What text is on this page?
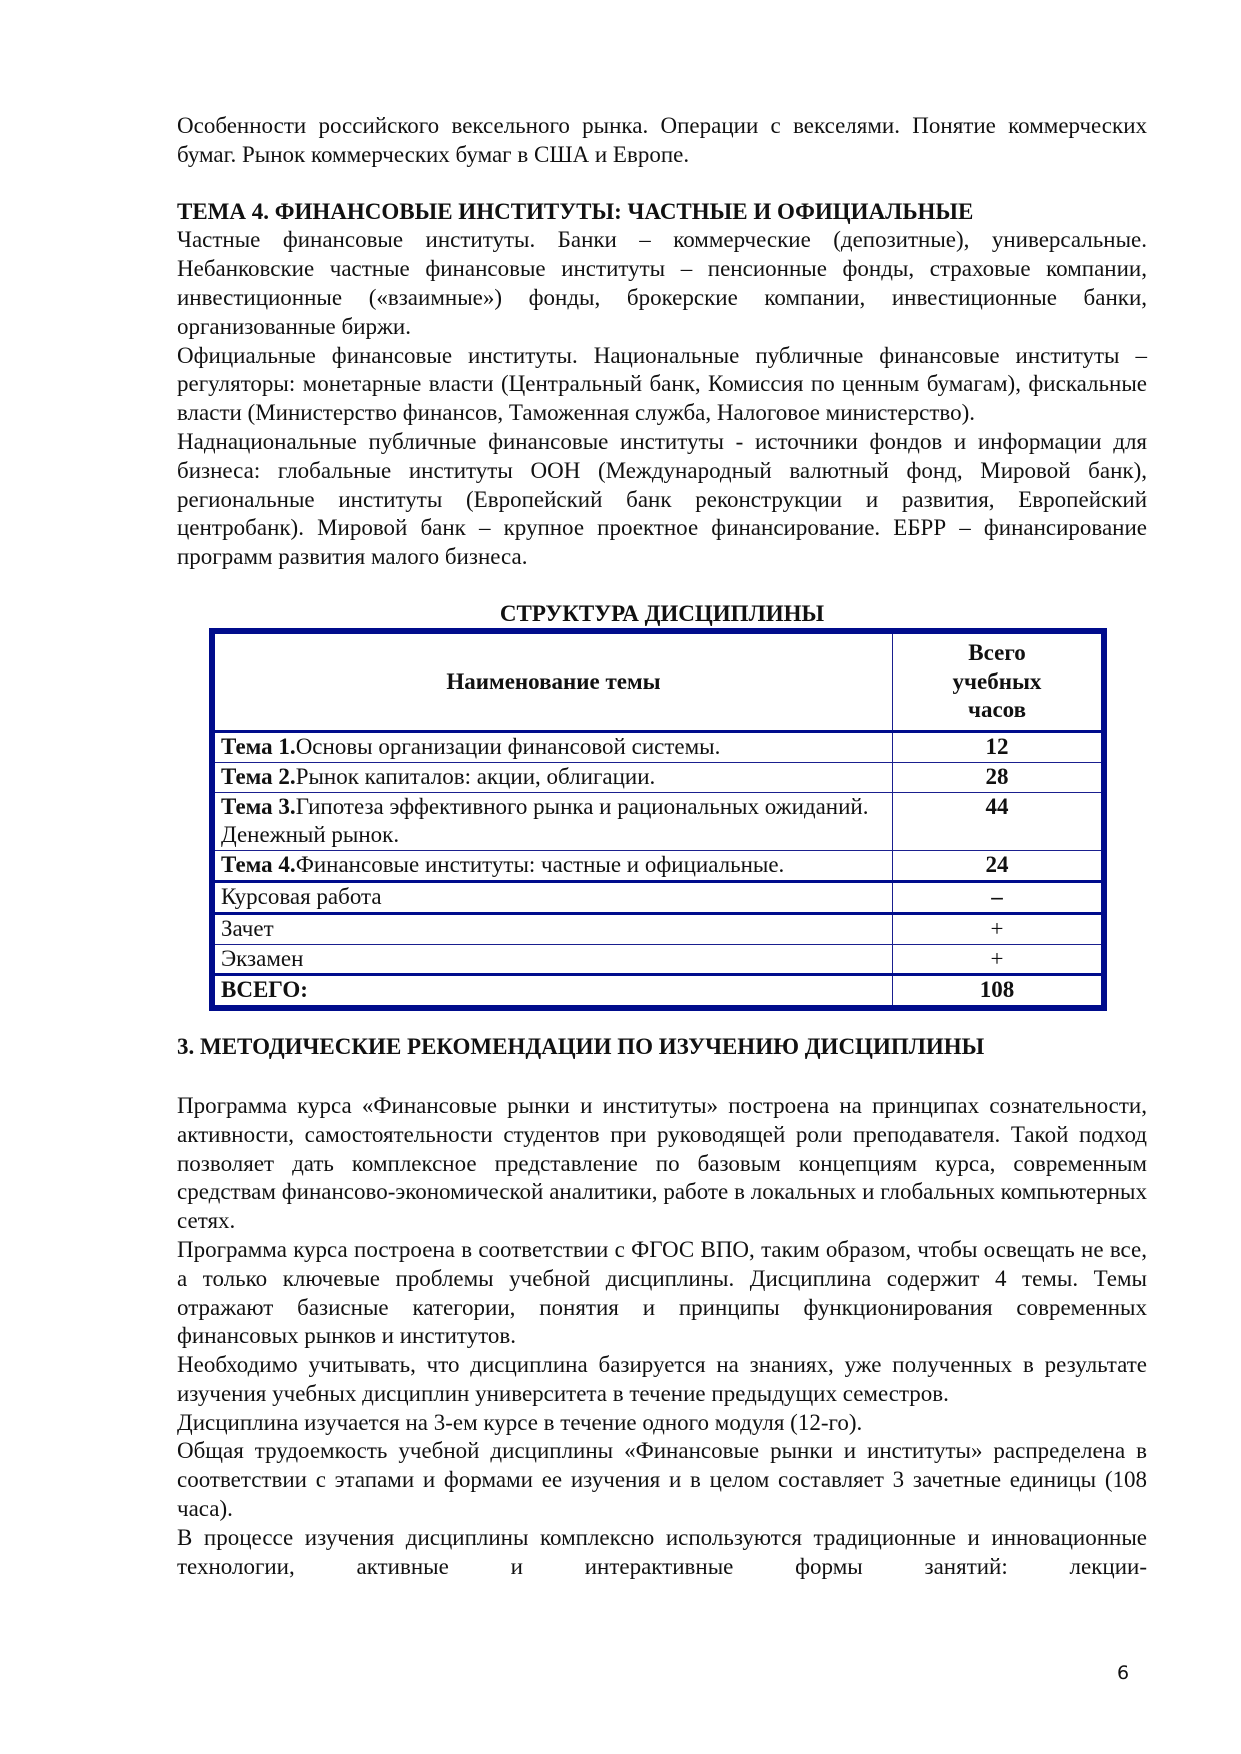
Особенности российского вексельного рынка. Операции с векселями. Понятие коммерческих бумаг. Рынок коммерческих бумаг в США и Европе.

ТЕМА 4. ФИНАНСОВЫЕ ИНСТИТУТЫ: ЧАСТНЫЕ И ОФИЦИАЛЬНЫЕ

Частные финансовые институты. Банки – коммерческие (депозитные), универсальные. Небанковские частные финансовые институты – пенсионные фонды, страховые компании, инвестиционные («взаимные») фонды, брокерские компании, инвестиционные банки, организованные биржи.

Официальные финансовые институты. Национальные публичные финансовые институты – регуляторы: монетарные власти (Центральный банк, Комиссия по ценным бумагам), фискальные власти (Министерство финансов, Таможенная служба, Налоговое министерство).

Наднациональные публичные финансовые институты - источники фондов и информации для бизнеса: глобальные институты ООН (Международный валютный фонд, Мировой банк), региональные институты (Европейский банк реконструкции и развития, Европейский центробанк). Мировой банк – крупное проектное финансирование. ЕБРР – финансирование программ развития малого бизнеса.

СТРУКТУРА ДИСЦИПЛИНЫ
Наименование темы	Всего
учебных
часов

Тема 1.Основы организации финансовой системы.	12
Тема 2.Рынок капиталов: акции, облигации.	28
Тема 3.Гипотеза эффективного рынка и рациональных ожиданий. Денежный рынок.	44
Тема 4.Финансовые институты: частные и официальные.	24
Курсовая работа	–
Зачет	+
Экзамен	+
ВСЕГО:	108
3. МЕТОДИЧЕСКИЕ РЕКОМЕНДАЦИИ ПО ИЗУЧЕНИЮ ДИСЦИПЛИНЫ

Программа курса «Финансовые рынки и институты» построена на принципах сознательности, активности, самостоятельности студентов при руководящей роли преподавателя. Такой подход позволяет дать комплексное представление по базовым концепциям курса, современным средствам финансово-экономической аналитики, работе в локальных и глобальных компьютерных сетях.

Программа курса построена в соответствии с ФГОС ВПО, таким образом, чтобы освещать не все, а только ключевые проблемы учебной дисциплины. Дисциплина содержит 4 темы. Темы отражают базисные категории, понятия и принципы функционирования современных финансовых рынков и институтов.

Необходимо учитывать, что дисциплина базируется на знаниях, уже полученных в результате изучения учебных дисциплин университета в течение предыдущих семестров.

Дисциплина изучается на 3-ем курсе в течение одного модуля (12-го).

Общая трудоемкость учебной дисциплины «Финансовые рынки и институты» распределена в соответствии с этапами и формами ее изучения и в целом составляет 3 зачетные единицы (108 часа).

В процессе изучения дисциплины комплексно используются традиционные и инновационные технологии, активные и интерактивные формы занятий: лекции-

6
